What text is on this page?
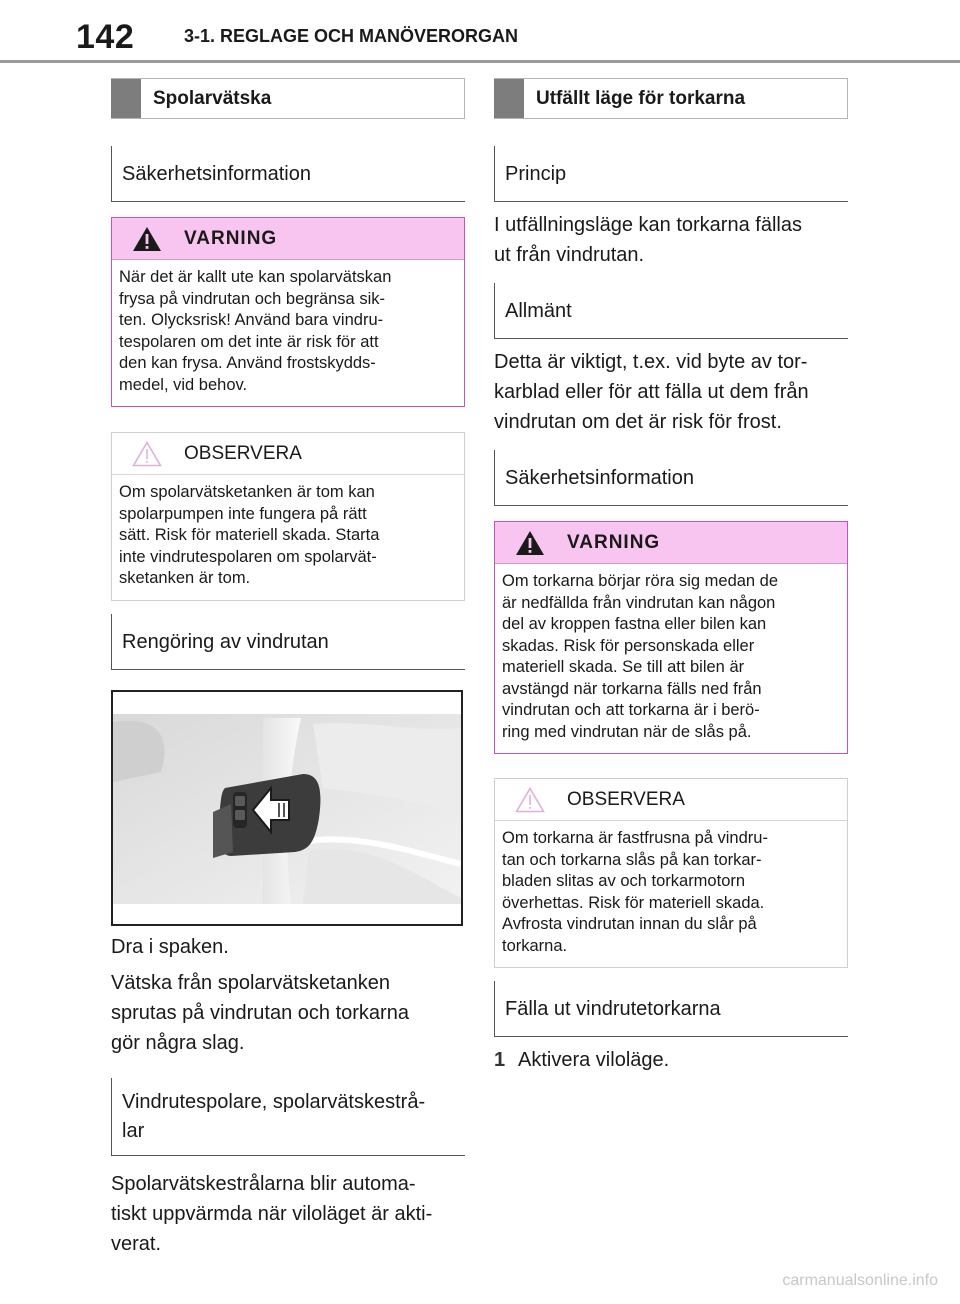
142	3-1. REGLAGE OCH MANÖVERORGAN
Spolarvätska
Säkerhetsinformation
VARNING
När det är kallt ute kan spolarvätskan
frysa på vindrutan och begränsa sik-
ten. Olycksrisk! Använd bara vindru-
tespolaren om det inte är risk för att
den kan frysa. Använd frostskydds-
medel, vid behov.
OBSERVERA
Om spolarvätsketanken är tom kan
spolarpumpen inte fungera på rätt
sätt. Risk för materiell skada. Starta
inte vindrutespolaren om spolarvät-
sketanken är tom.
Rengöring av vindrutan
Dra i spaken.
Vätska från spolarvätsketanken
sprutas på vindrutan och torkarna
gör några slag.
Vindrutespolare, spolarvätskestrå-
lar
Spolarvätskestrålarna blir automa-
tiskt uppvärmda när viloläget är akti-
verat.
Utfällt läge för torkarna
Princip
I utfällningsläge kan torkarna fällas
ut från vindrutan.
Allmänt
Detta är viktigt, t.ex. vid byte av tor-
karblad eller för att fälla ut dem från
vindrutan om det är risk för frost.
Säkerhetsinformation
VARNING
Om torkarna börjar röra sig medan de
är nedfällda från vindrutan kan någon
del av kroppen fastna eller bilen kan
skadas. Risk för personskada eller
materiell skada. Se till att bilen är
avstängd när torkarna fälls ned från
vindrutan och att torkarna är i berö-
ring med vindrutan när de slås på.
OBSERVERA
Om torkarna är fastfrusna på vindru-
tan och torkarna slås på kan torkar-
bladen slitas av och torkarmotorn
överhettas. Risk för materiell skada.
Avfrosta vindrutan innan du slår på
torkarna.
Fälla ut vindrutetorkarna
1 Aktivera viloläge.
carmanualsonline.info
